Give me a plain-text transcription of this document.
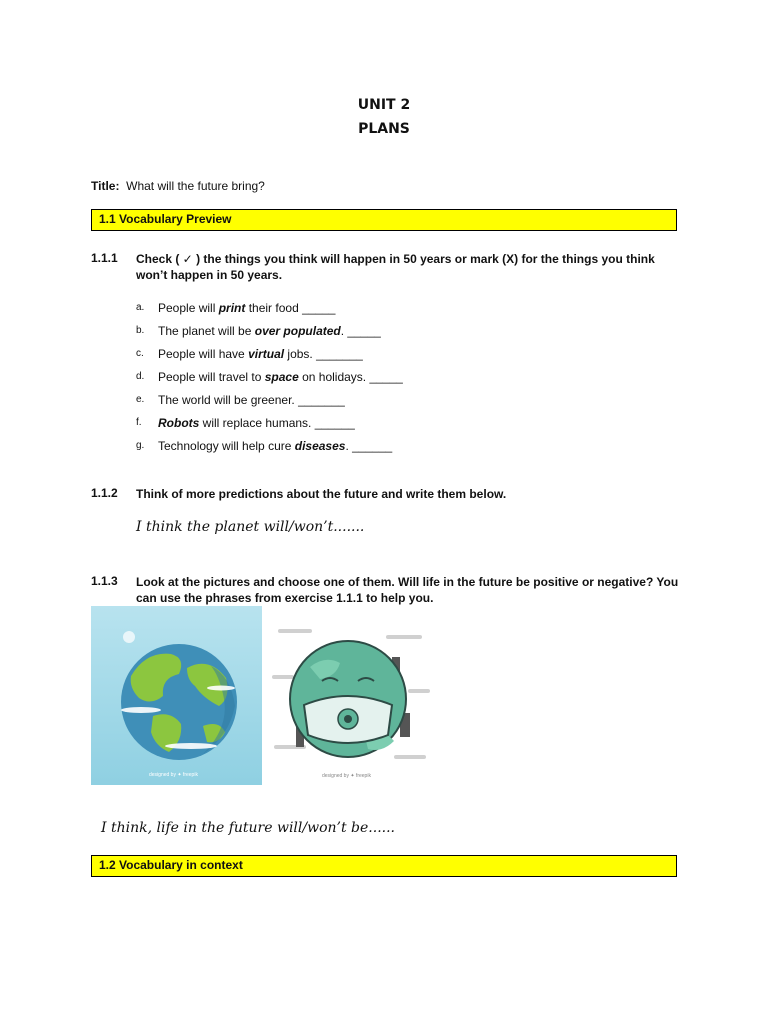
UNIT 2
PLANS
Title: What will the future bring?
1.1 Vocabulary Preview
1.1.1 Check ( ✓ ) the things you think will happen in 50 years or mark (X) for the things you think won’t happen in 50 years.
a.	People will print their food _____
b.	The planet will be over populated. _____
c.	People will have virtual jobs. _______
d.	People will travel to space on holidays. _____
e.	The world will be greener. _______
f.	Robots will replace humans. ______
g.	Technology will help cure diseases. ______
1.1.2 Think of more predictions about the future and write them below.
I think the planet will/won’t.......
1.1.3 Look at the pictures and choose one of them. Will life in the future be positive or negative? You can use the phrases from exercise 1.1.1 to help you.
designed by ✦ freepik	designed by ✦ freepik
I think, life in the future will/won’t be......
1.2 Vocabulary in context
